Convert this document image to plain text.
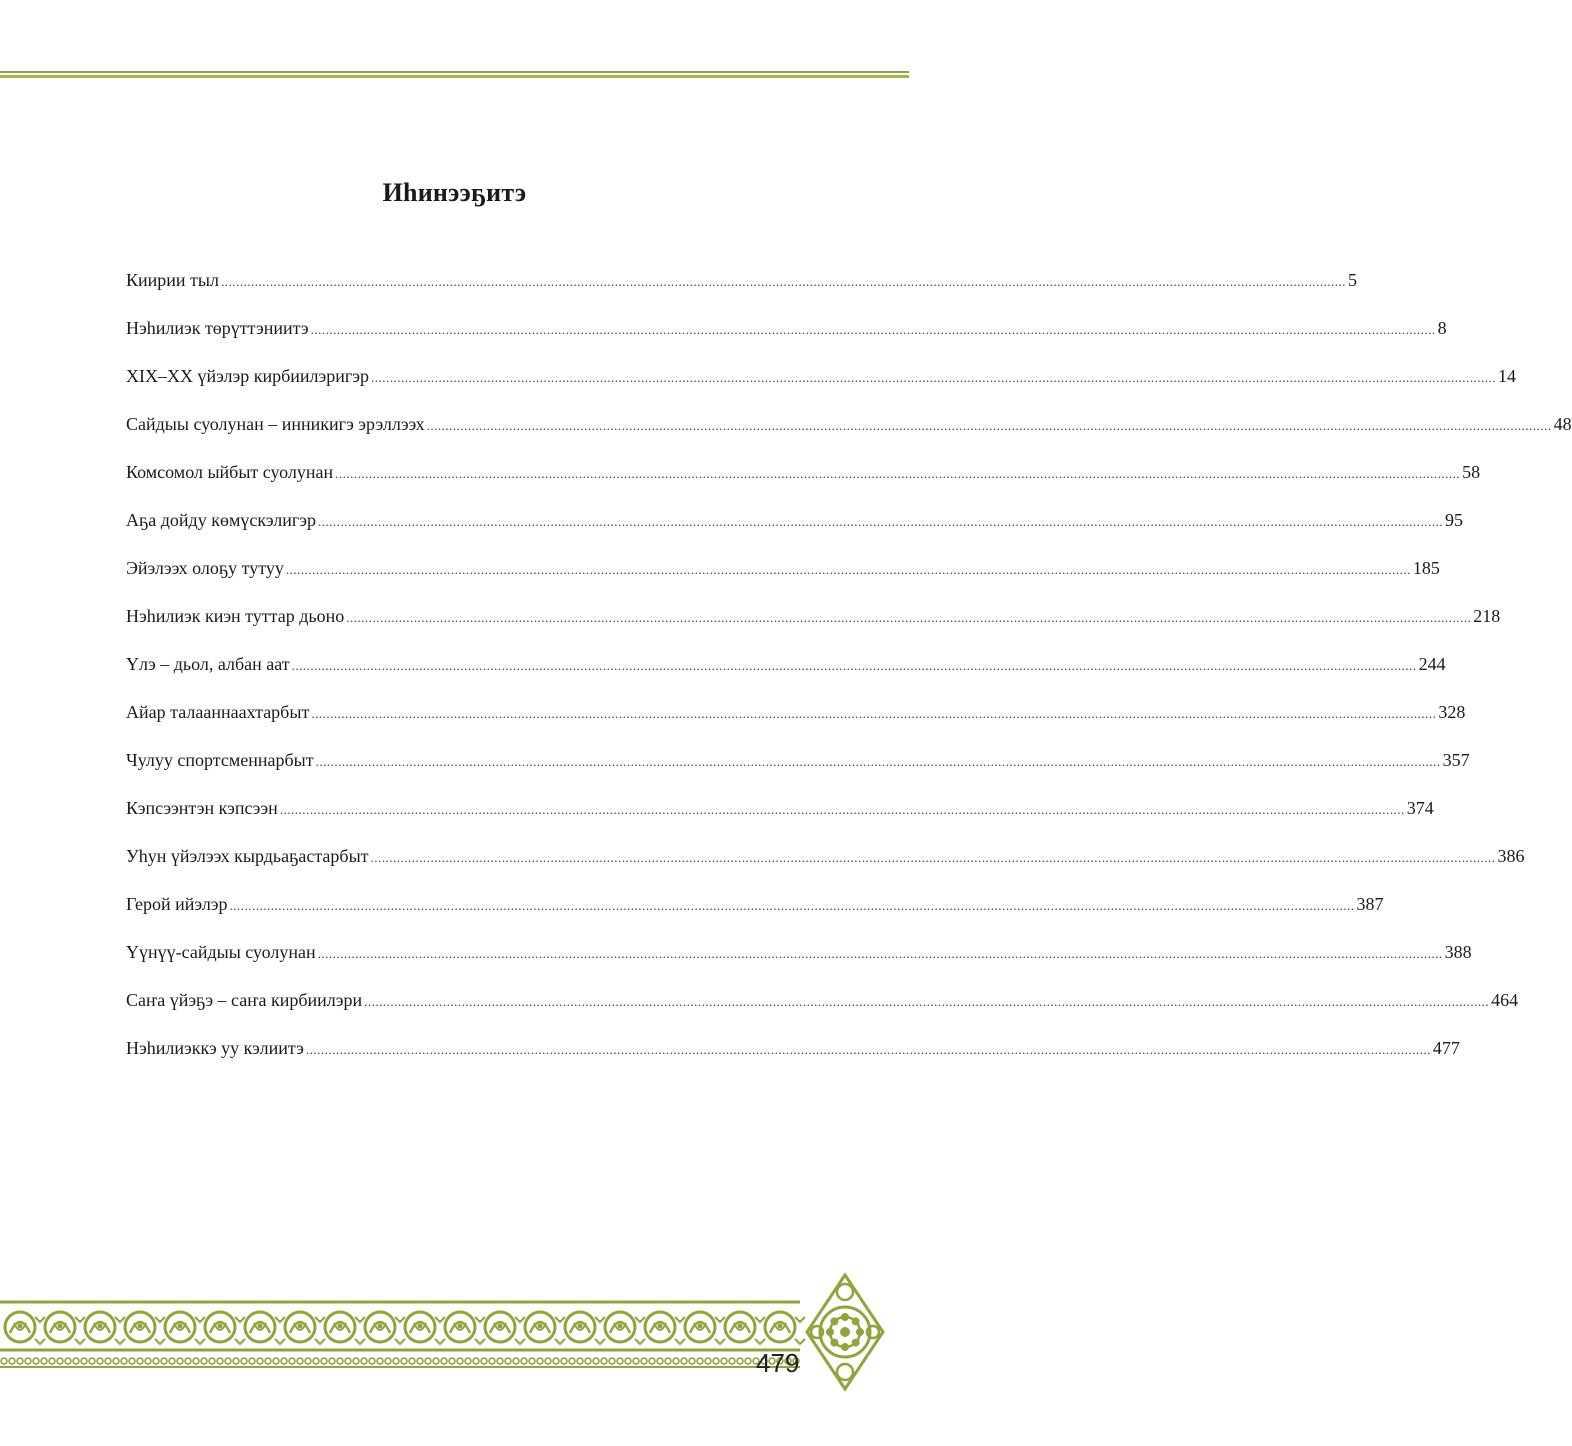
Иһинээҕитэ
Киирии тыл ............................................................................................................................................................................................................................................................................................................ 5
Нэһилиэк төрүттэниитэ ............................................................................................................................................................................................................................................................................................................ 8
XIX–XX үйэлэр кирбиилэригэр ............................................................................................................................................................................................................................................................................................................ 14
Сайдыы суолунан – инникигэ эрэллээх ............................................................................................................................................................................................................................................................................................................ 48
Комсомол ыйбыт суолунан ............................................................................................................................................................................................................................................................................................................ 58
Аҕа дойду көмүскэлигэр ............................................................................................................................................................................................................................................................................................................ 95
Эйэлээх олоҕу тутуу ............................................................................................................................................................................................................................................................................................................ 185
Нэһилиэк киэн туттар дьоно ............................................................................................................................................................................................................................................................................................................ 218
Үлэ – дьол, албан аат ............................................................................................................................................................................................................................................................................................................ 244
Айар талааннаахтарбыт ............................................................................................................................................................................................................................................................................................................ 328
Чулуу спортсменнарбыт ............................................................................................................................................................................................................................................................................................................ 357
Кэпсээнтэн кэпсээн ............................................................................................................................................................................................................................................................................................................ 374
Уһун үйэлээх кырдьаҕастарбыт ............................................................................................................................................................................................................................................................................................................ 386
Герой ийэлэр ............................................................................................................................................................................................................................................................................................................ 387
Үүнүү-сайдыы суолунан ............................................................................................................................................................................................................................................................................................................ 388
Саҥа үйэҕэ – саҥа кирбиилэри ............................................................................................................................................................................................................................................................................................................ 464
Нэһилиэккэ уу кэлиитэ ............................................................................................................................................................................................................................................................................................................ 477
479
